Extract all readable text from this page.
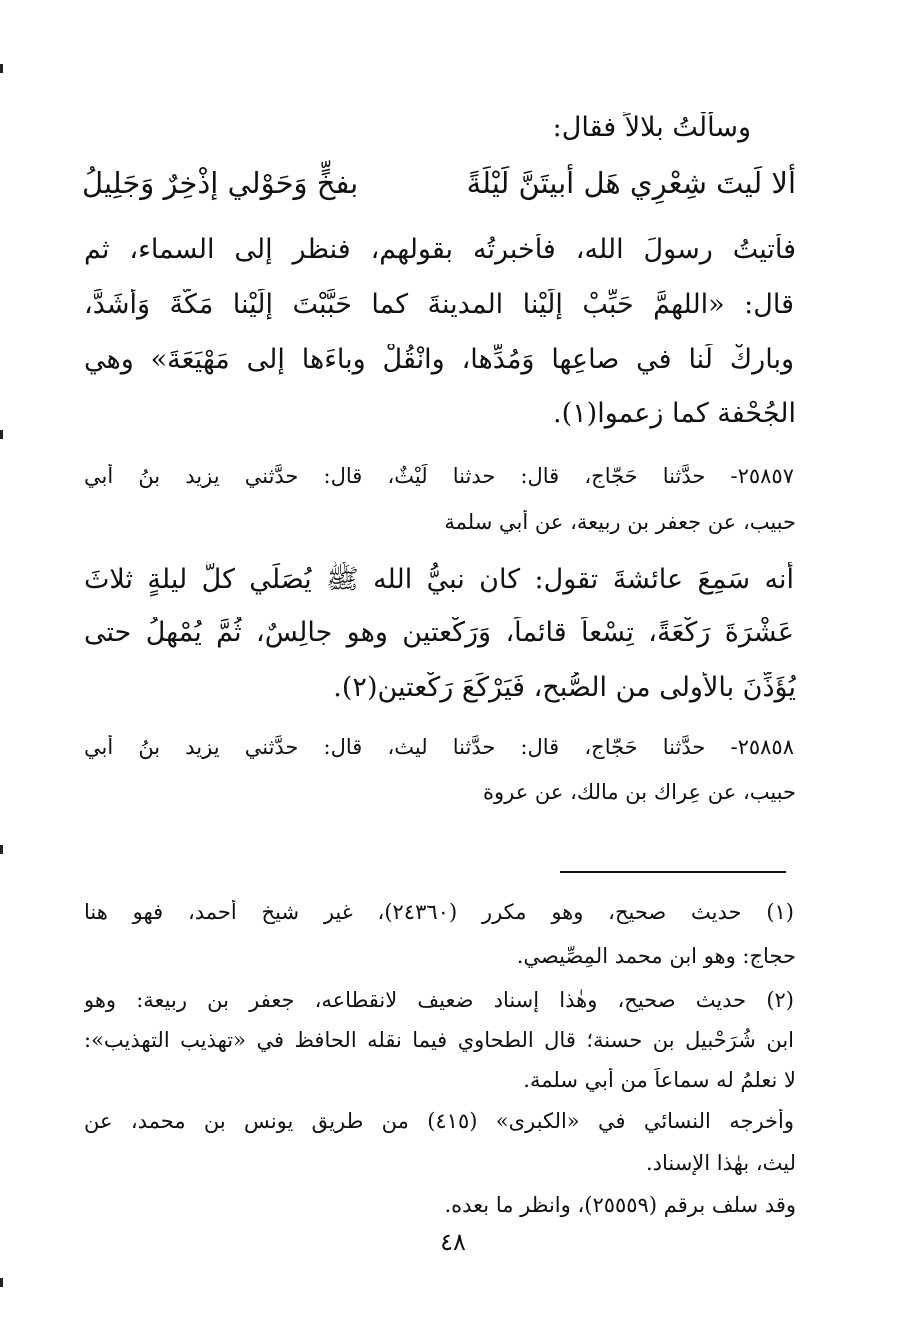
وسألْتُ بلالاً فقال:
ألا لَيتَ شِعْرِي هَل أبيتَنَّ لَيْلَةً
بفخٍّ وَحَوْلي إذْخِرٌ وَجَلِيلُ
فأتيتُ رسولَ الله، فأخبرتُه بقولهم، فنظر إلى السماء، ثم
قال: «اللهمَّ حَبِّبْ إلَيْنا المدينةَ كما حَبَّبْتَ إلَيْنا مَكَّةَ وَأشَدَّ،
وبارِكْ لَنا في صاعِها وَمُدِّها، وانْقُلْ وباءَها إلى مَهْيَعَةَ» وهي
الجُحْفة كما زعموا(١).
٢٥٨٥٧- حدَّثنا حَجّاج، قال: حدثنا لَيْثٌ، قال: حدَّثني يزيد بنُ أبي
حبيب، عن جعفر بن ربيعة، عن أبي سلمة
أنه سَمِعَ عائشةَ تقول: كان نبيُّ الله ﷺ يُصَلِّي كلَّ ليلةٍ ثلاثَ
عَشْرَةَ رَكْعَةً، تِسْعاً قائماً، وَرَكْعتين وهو جالِسٌ، ثُمَّ يُمْهِلُ حتى
يُؤَذِّنَ بالأُولى من الصُّبح، فَيَرْكَعَ رَكْعتين(٢).
٢٥٨٥٨- حدَّثنا حَجّاج، قال: حدَّثنا ليث، قال: حدَّثني يزيد بنُ أبي
حبيب، عن عِراك بن مالك، عن عروة
(١) حديث صحيح، وهو مكرر (٢٤٣٦٠)، غير شيخ أحمد، فهو هنا
حجاج: وهو ابن محمد المِصِّيصي.
(٢) حديث صحيح، وهٰذا إسناد ضعيف لانقطاعه، جعفر بن ربيعة: وهو
ابن شُرَحْبيل بن حسنة؛ قال الطحاوي فيما نقله الحافظ في «تهذيب التهذيب»:
لا نعلمُ له سماعاً من أبي سلمة.
وأخرجه النسائي في «الكبرى» (٤١٥) من طريق يونس بن محمد، عن
ليث، بهٰذا الإسناد.
وقد سلف برقم (٢٥٥٥٩)، وانظر ما بعده.
٤٨
